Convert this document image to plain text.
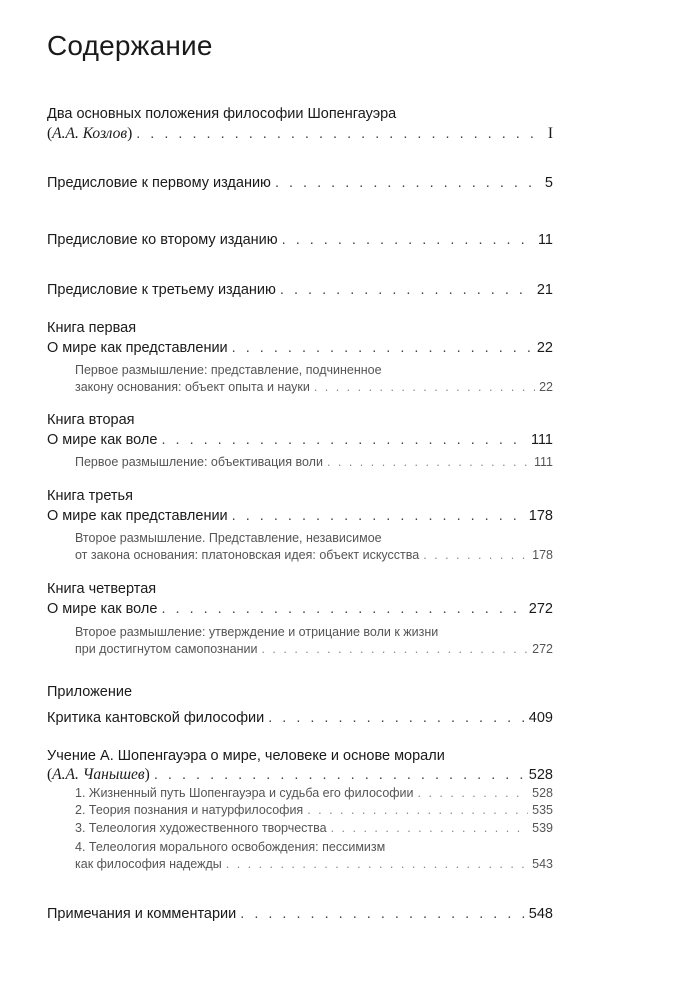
Содержание
Два основных положения философии Шопенгауэра
(А.А. Козлов) . . .	I
Предисловие к первому изданию . . .	5
Предисловие ко второму изданию . . .	11
Предисловие к третьему изданию . . .	21
Книга первая
О мире как представлении . . .	22
Первое размышление: представление, подчиненное
закону основания: объект опыта и науки . . .	22
Книга вторая
О мире как воле . . .	111
Первое размышление: объективация воли . . .	111
Книга третья
О мире как представлении . . .	178
Второе размышление. Представление, независимое
от закона основания: платоновская идея: объект искусства . . .	178
Книга четвертая
О мире как воле . . .	272
Второе размышление: утверждение и отрицание воли к жизни
при достигнутом самопознании . . .	272
Приложение
Критика кантовской философии . . .	409
Учение А. Шопенгауэра о мире, человеке и основе морали
(А.А. Чанышев) . . .	528
1. Жизненный путь Шопенгауэра и судьба его философии . . .	528
2. Теория познания и натурфилософия . . .	535
3. Телеология художественного творчества . . .	539
4. Телеология морального освобождения: пессимизм
как философия надежды . . .	543
Примечания и комментарии . . .	548
